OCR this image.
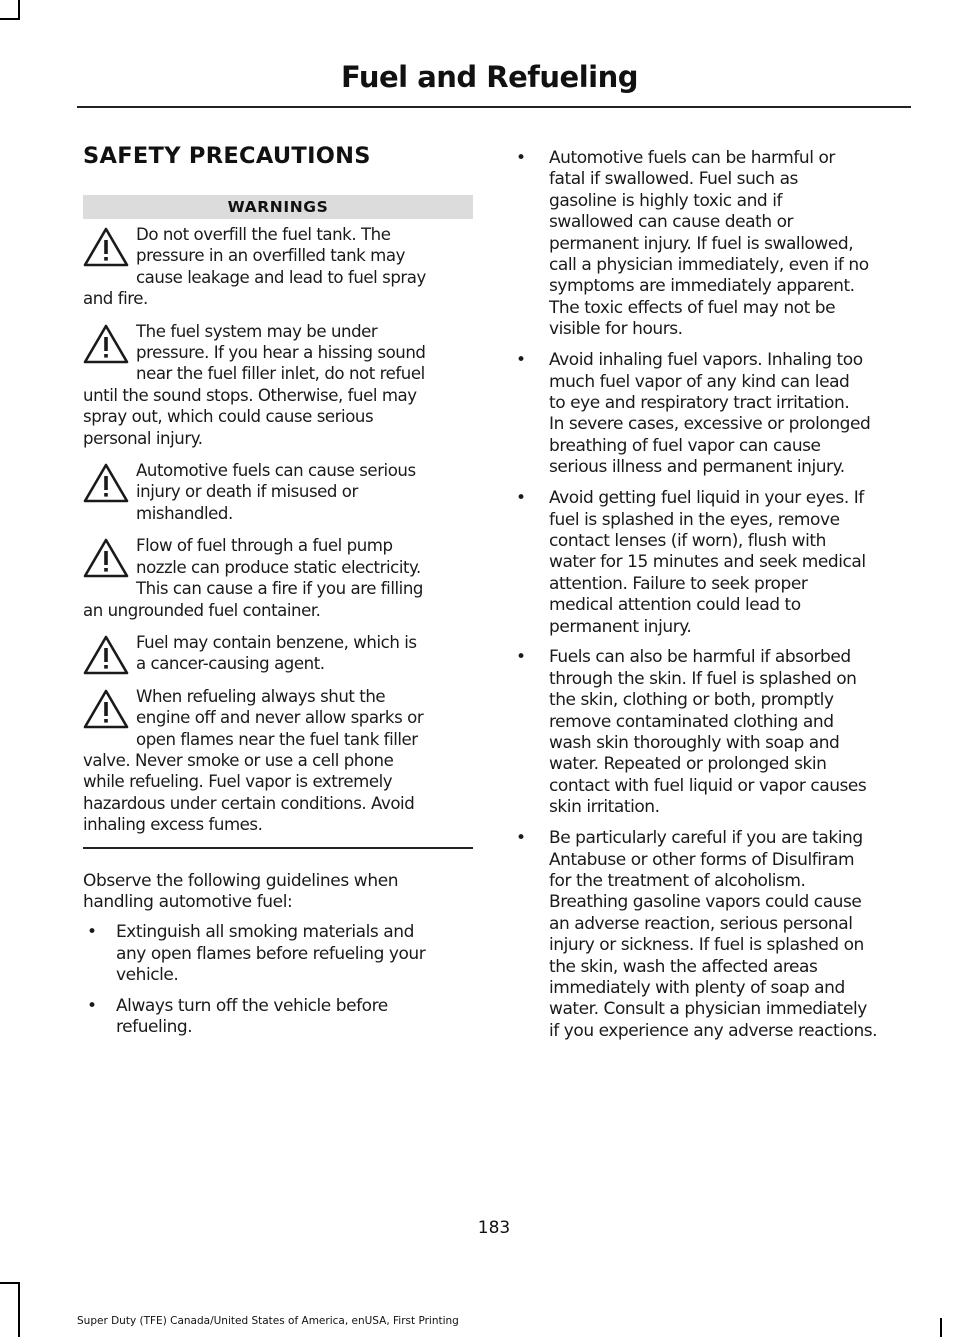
Fuel and Refueling
SAFETY PRECAUTIONS
WARNINGS
Do not overfill the fuel tank. The
pressure in an overfilled tank may
cause leakage and lead to fuel spray
and fire.
The fuel system may be under
pressure. If you hear a hissing sound
near the fuel filler inlet, do not refuel
until the sound stops. Otherwise, fuel may
spray out, which could cause serious
personal injury.
Automotive fuels can cause serious
injury or death if misused or
mishandled.
Flow of fuel through a fuel pump
nozzle can produce static electricity.
This can cause a fire if you are filling
an ungrounded fuel container.
Fuel may contain benzene, which is
a cancer-causing agent.
When refueling always shut the
engine off and never allow sparks or
open flames near the fuel tank filler
valve. Never smoke or use a cell phone
while refueling. Fuel vapor is extremely
hazardous under certain conditions. Avoid
inhaling excess fumes.
Observe the following guidelines when
handling automotive fuel:
• Extinguish all smoking materials and
any open flames before refueling your
vehicle.
• Always turn off the vehicle before
refueling.
• Automotive fuels can be harmful or
fatal if swallowed. Fuel such as
gasoline is highly toxic and if
swallowed can cause death or
permanent injury. If fuel is swallowed,
call a physician immediately, even if no
symptoms are immediately apparent.
The toxic effects of fuel may not be
visible for hours.
• Avoid inhaling fuel vapors. Inhaling too
much fuel vapor of any kind can lead
to eye and respiratory tract irritation.
In severe cases, excessive or prolonged
breathing of fuel vapor can cause
serious illness and permanent injury.
• Avoid getting fuel liquid in your eyes. If
fuel is splashed in the eyes, remove
contact lenses (if worn), flush with
water for 15 minutes and seek medical
attention. Failure to seek proper
medical attention could lead to
permanent injury.
• Fuels can also be harmful if absorbed
through the skin. If fuel is splashed on
the skin, clothing or both, promptly
remove contaminated clothing and
wash skin thoroughly with soap and
water. Repeated or prolonged skin
contact with fuel liquid or vapor causes
skin irritation.
• Be particularly careful if you are taking
Antabuse or other forms of Disulfiram
for the treatment of alcoholism.
Breathing gasoline vapors could cause
an adverse reaction, serious personal
injury or sickness. If fuel is splashed on
the skin, wash the affected areas
immediately with plenty of soap and
water. Consult a physician immediately
if you experience any adverse reactions.
183
Super Duty (TFE) Canada/United States of America, enUSA, First Printing
